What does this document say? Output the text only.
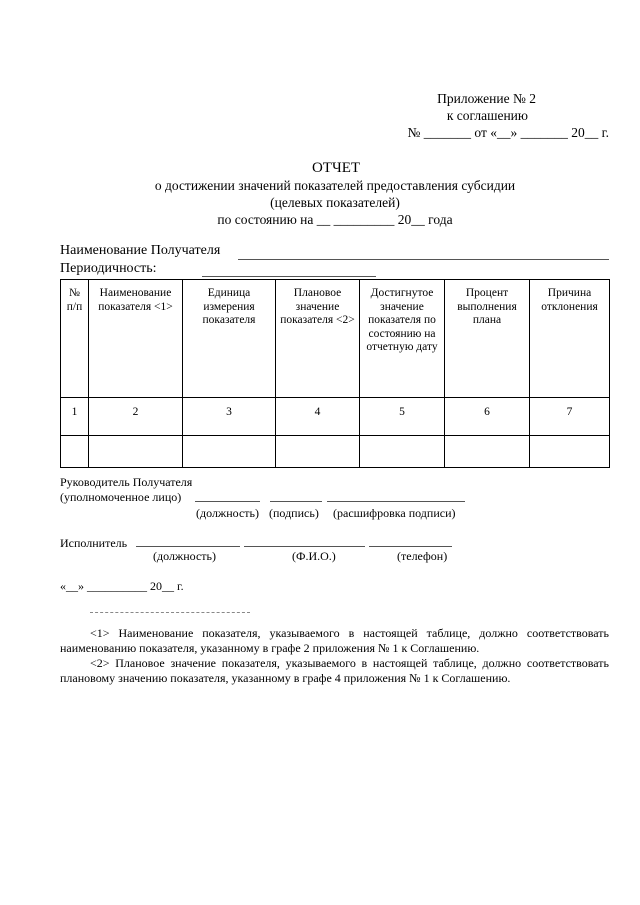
Приложение № 2
к соглашению
№ _______ от «__» _______ 20__ г.
ОТЧЕТ
о достижении значений показателей предоставления субсидии
(целевых показателей)
по состоянию на __ _________ 20__ года
Наименование Получателя
Периодичность:
№ п/п	Наименование показателя <1>	Единица измерения показателя	Плановое значение показателя <2>	Достигнутое значение показателя по состоянию на отчетную дату	Процент выполнения плана	Причина отклонения
1	2	3	4	5	6	7

Руководитель Получателя
(уполномоченное лицо)
(должность) (подпись) (расшифровка подписи)
Исполнитель
(должность)	(Ф.И.О.)	(телефон)
«__» __________ 20__ г.

<1> Наименование показателя, указываемого в настоящей таблице, должно соответствовать наименованию показателя, указанному в графе 2 приложения № 1 к Соглашению.

<2> Плановое значение показателя, указываемого в настоящей таблице, должно соответствовать плановому значению показателя, указанному в графе 4 приложения № 1 к Соглашению.
